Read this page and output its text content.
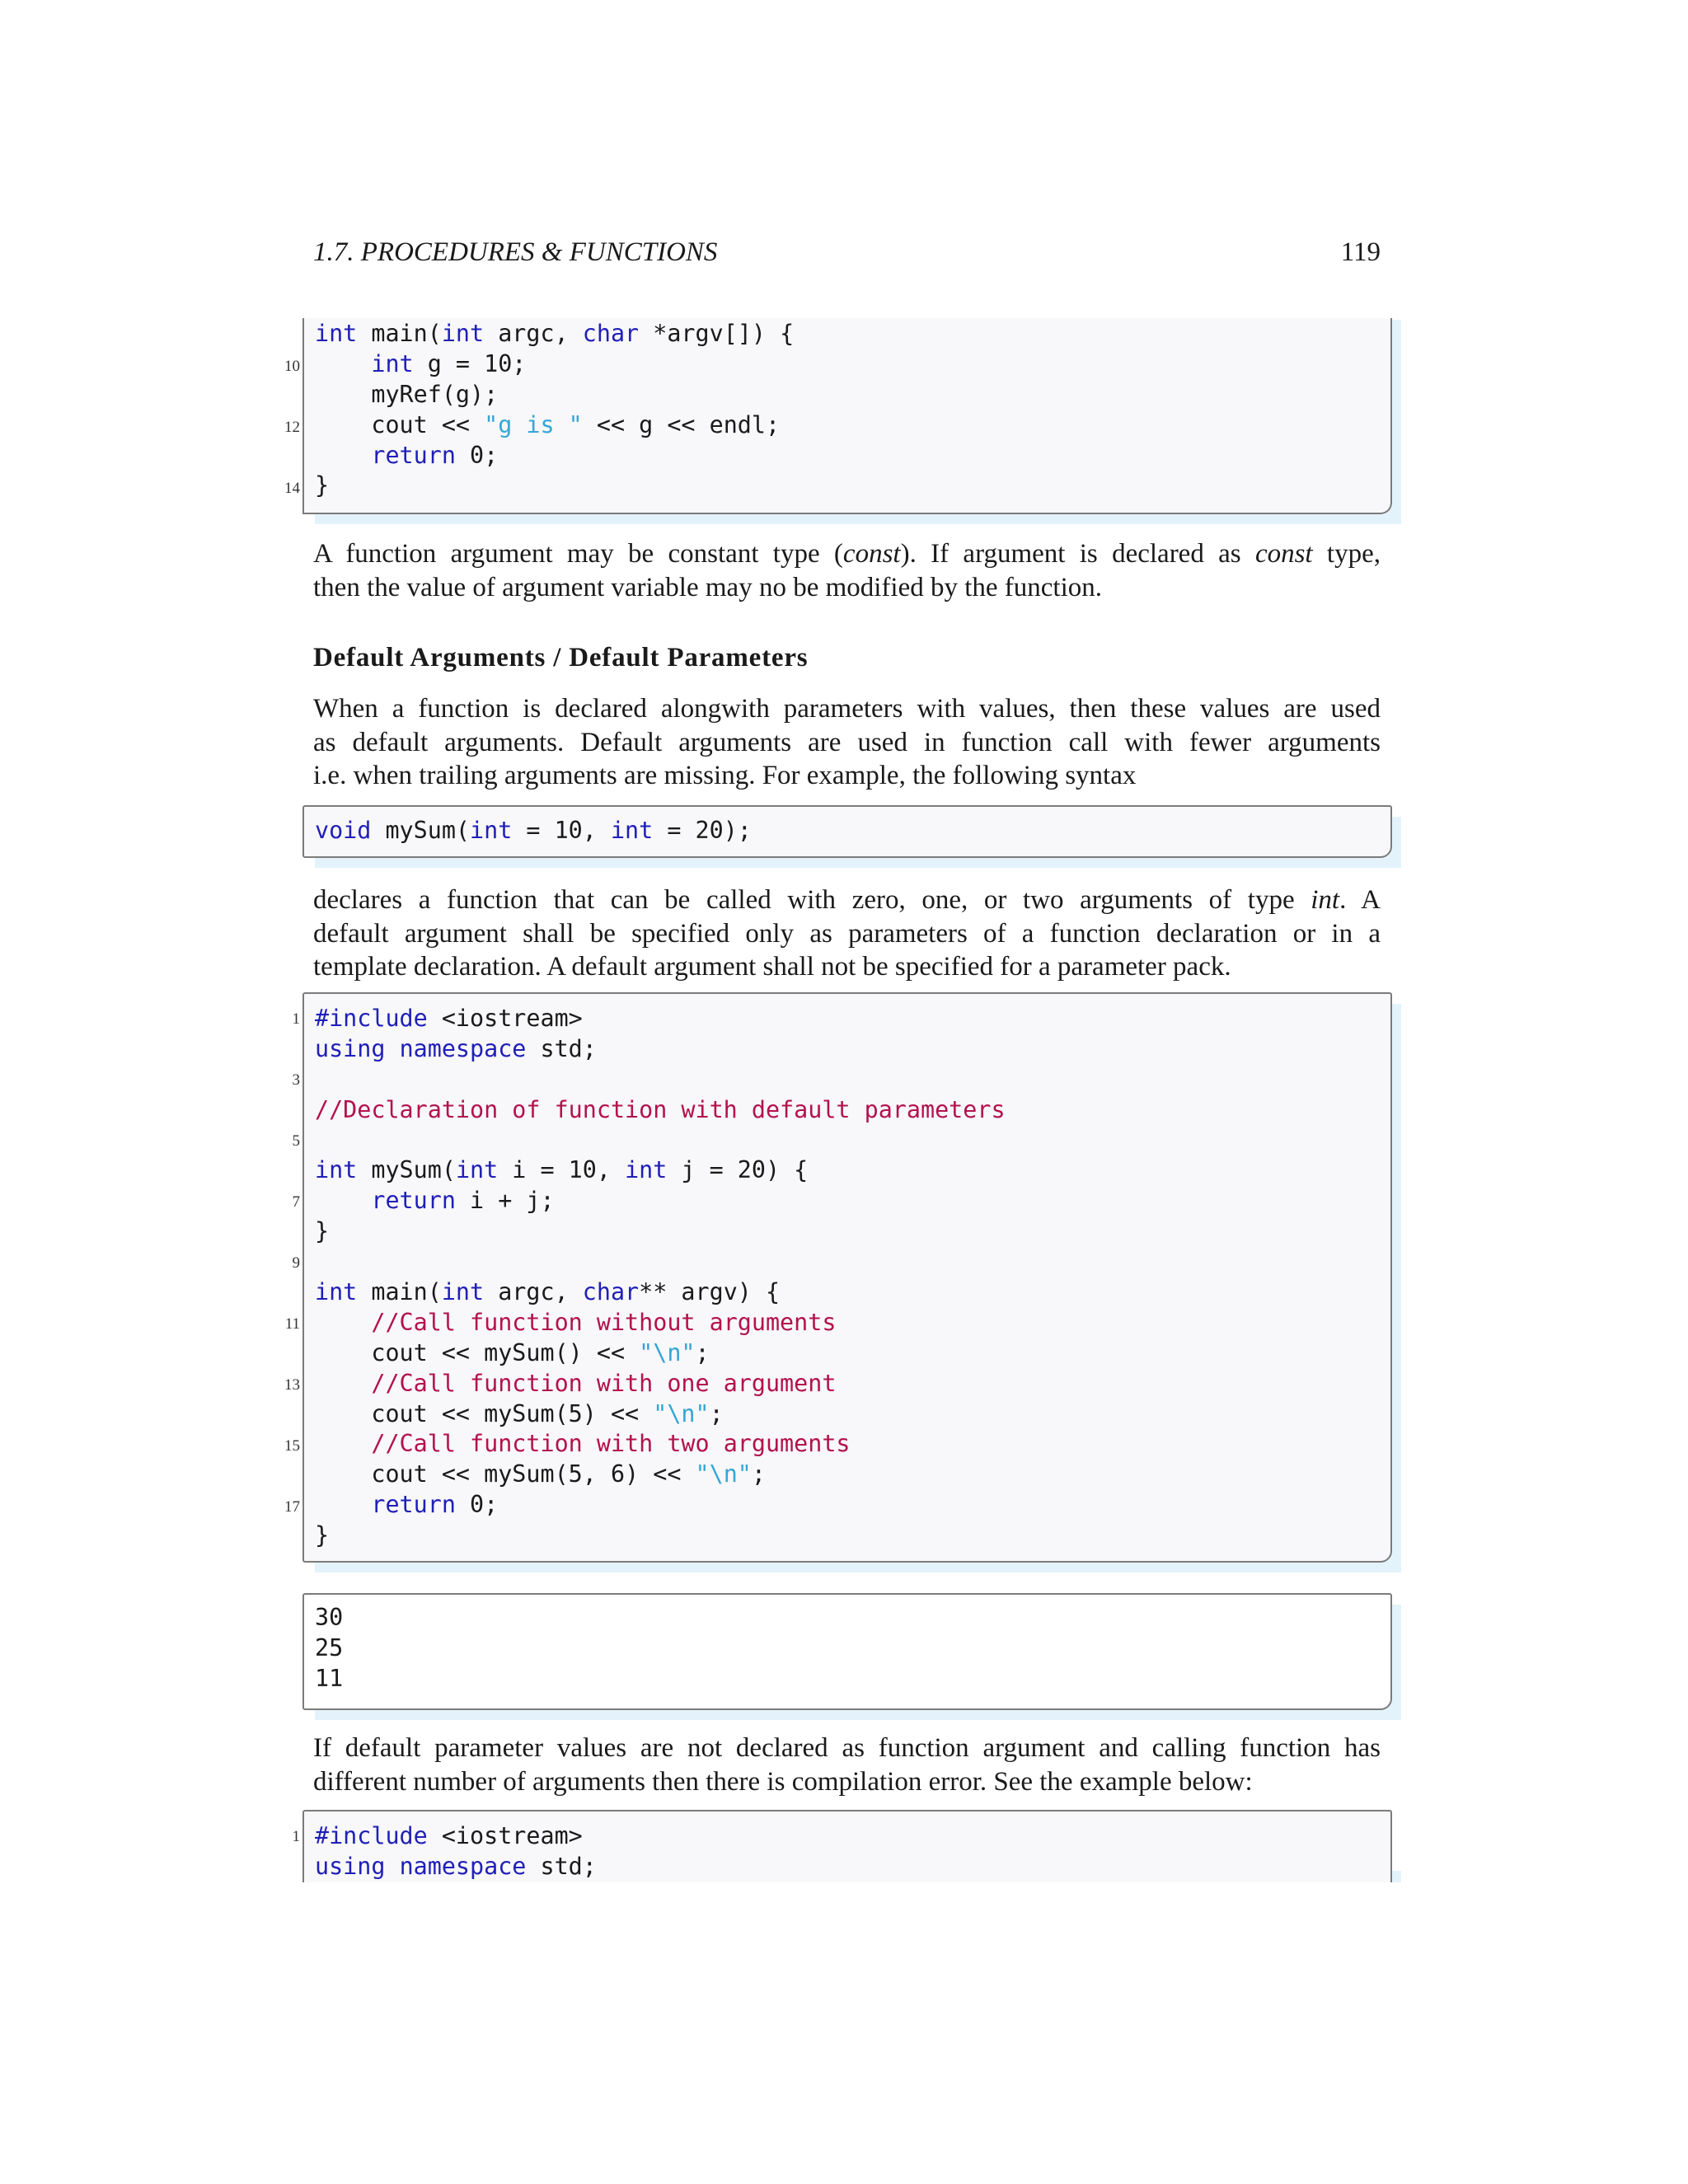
1.7. PROCEDURES & FUNCTIONS	119
10
12
14
int main(int argc, char *argv[]) {
int g = 10;
myRef(g);
cout << "g is " << g << endl;
return 0;
}
A function argument may be constant type (const). If argument is declared as const type,
then the value of argument variable may no be modified by the function.
Default Arguments / Default Parameters
When a function is declared alongwith parameters with values, then these values are used
as default arguments. Default arguments are used in function call with fewer arguments
i.e. when trailing arguments are missing. For example, the following syntax
void mySum(int = 10, int = 20);
declares a function that can be called with zero, one, or two arguments of type int. A
default argument shall be specified only as parameters of a function declaration or in a
template declaration. A default argument shall not be specified for a parameter pack.
1
3
5
7
9
11
13
15
17
#include <iostream>
using namespace std;
//Declaration of function with default parameters
int mySum(int i = 10, int j = 20) {
return i + j;
}
int main(int argc, char** argv) {
//Call function without arguments
cout << mySum() << "\n";
//Call function with one argument
cout << mySum(5) << "\n";
//Call function with two arguments
cout << mySum(5, 6) << "\n";
return 0;
}
30
25
11
If default parameter values are not declared as function argument and calling function has
different number of arguments then there is compilation error. See the example below:
1 #include <iostream>
using namespace std;
